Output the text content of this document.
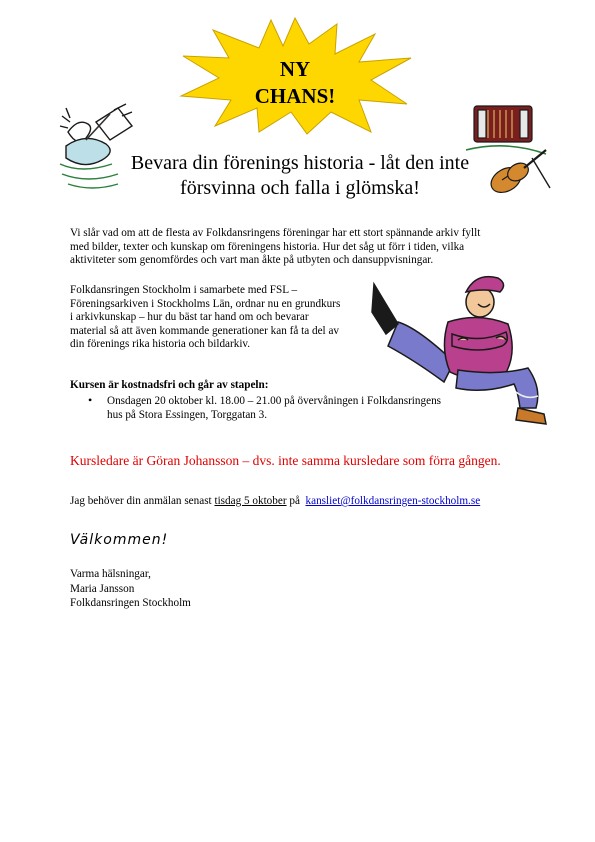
NY
CHANS!
Bevara din förenings historia - låt den inte
försvinna och falla i glömska!
Vi slår vad om att de flesta av Folkdansringens föreningar har ett stort spännande arkiv fyllt
med bilder, texter och kunskap om föreningens historia. Hur det såg ut förr i tiden, vilka
aktiviteter som genomfördes och vart man åkte på utbyten och dansuppvisningar.
Folkdansringen Stockholm i samarbete med FSL –
Föreningsarkiven i Stockholms Län, ordnar nu en grundkurs
i arkivkunskap – hur du bäst tar hand om och bevarar
material så att även kommande generationer kan få ta del av
din förenings rika historia och bildarkiv.
Kursen är kostnadsfri och går av stapeln:
• Onsdagen 20 oktober kl. 18.00 – 21.00 på övervåningen i Folkdansringens
hus på Stora Essingen, Torggatan 3.
Kursledare är Göran Johansson – dvs. inte samma kursledare som förra gången.
Jag behöver din anmälan senast tisdag 5 oktober på  kansliet@folkdansringen-stockholm.se
Välkommen!
Varma hälsningar,
Maria Jansson
Folkdansringen Stockholm
